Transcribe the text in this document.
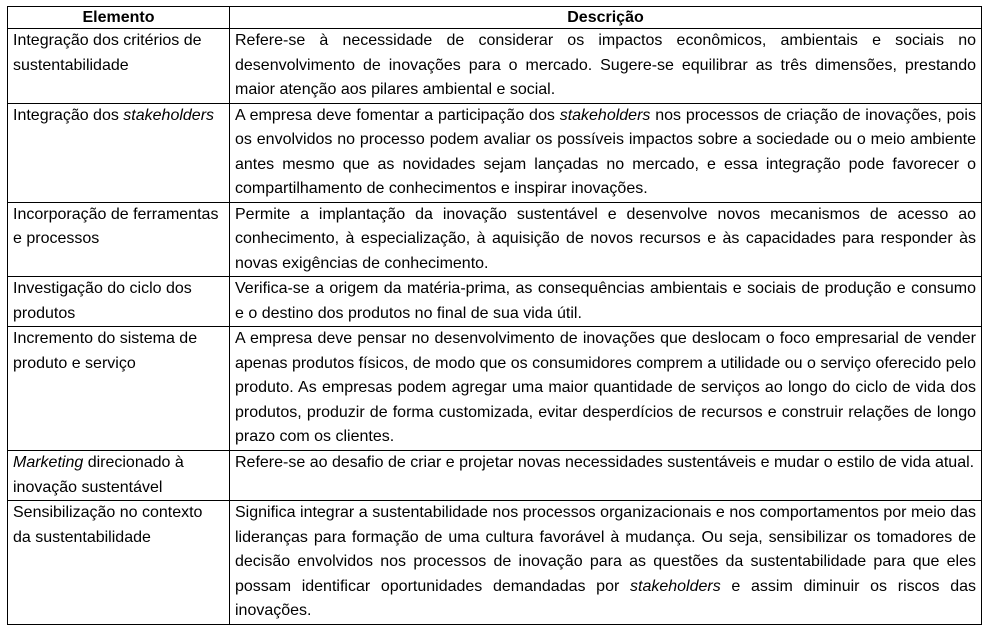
Elemento	Descrição
Integração dos critérios de sustentabilidade	Refere-se à necessidade de considerar os impactos econômicos, ambientais e sociais no desenvolvimento de inovações para o mercado. Sugere-se equilibrar as três dimensões, prestando maior atenção aos pilares ambiental e social.
Integração dos stakeholders	A empresa deve fomentar a participação dos stakeholders nos processos de criação de inovações, pois os envolvidos no processo podem avaliar os possíveis impactos sobre a sociedade ou o meio ambiente antes mesmo que as novidades sejam lançadas no mercado, e essa integração pode favorecer o compartilhamento de conhecimentos e inspirar inovações.
Incorporação de ferramentas e processos	Permite a implantação da inovação sustentável e desenvolve novos mecanismos de acesso ao conhecimento, à especialização, à aquisição de novos recursos e às capacidades para responder às novas exigências de conhecimento.
Investigação do ciclo dos produtos	Verifica-se a origem da matéria-prima, as consequências ambientais e sociais de produção e consumo e o destino dos produtos no final de sua vida útil.
Incremento do sistema de produto e serviço	A empresa deve pensar no desenvolvimento de inovações que deslocam o foco empresarial de vender apenas produtos físicos, de modo que os consumidores comprem a utilidade ou o serviço oferecido pelo produto. As empresas podem agregar uma maior quantidade de serviços ao longo do ciclo de vida dos produtos, produzir de forma customizada, evitar desperdícios de recursos e construir relações de longo prazo com os clientes.
Marketing direcionado à inovação sustentável	Refere-se ao desafio de criar e projetar novas necessidades sustentáveis e mudar o estilo de vida atual.
Sensibilização no contexto da sustentabilidade	Significa integrar a sustentabilidade nos processos organizacionais e nos comportamentos por meio das lideranças para formação de uma cultura favorável à mudança. Ou seja, sensibilizar os tomadores de decisão envolvidos nos processos de inovação para as questões da sustentabilidade para que eles possam identificar oportunidades demandadas por stakeholders e assim diminuir os riscos das inovações.
